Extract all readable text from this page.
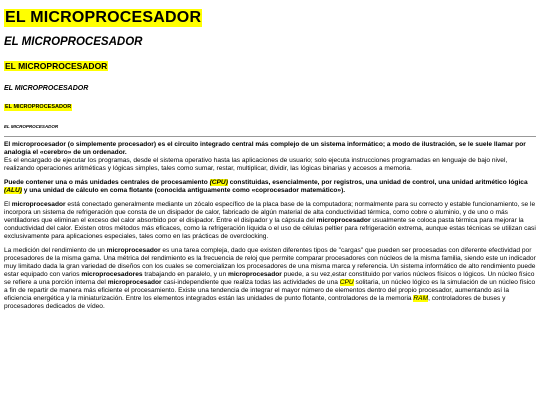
EL MICROPROCESADOR
EL MICROPROCESADOR
EL MICROPROCESADOR
EL MICROPROCESADOR
EL MICROPROCESADOR
EL MICROPROCESADOR

El microprocesador (o simplemente procesador) es el circuito integrado central más complejo de un sistema informático; a modo de ilustración, se le suele llamar por analogía el «cerebro» de un ordenador.
Es el encargado de ejecutar los programas, desde el sistema operativo hasta las aplicaciones de usuario; solo ejecuta instrucciones programadas en lenguaje de bajo nivel, realizando operaciones aritméticas y lógicas simples, tales como sumar, restar, multiplicar, dividir, las lógicas binarias y accesos a memoria.

Puede contener una o más unidades centrales de procesamiento (CPU) constituidas, esencialmente, por registros, una unidad de control, una unidad aritmético lógica (ALU) y una unidad de cálculo en coma flotante (conocida antiguamente como «coprocesador matemático»).

El microprocesador está conectado generalmente mediante un zócalo específico de la placa base de la computadora; normalmente para su correcto y estable funcionamiento, se le incorpora un sistema de refrigeración que consta de un disipador de calor, fabricado de algún material de alta conductividad térmica, como cobre o aluminio, y de uno o más ventiladores que eliminan el exceso del calor absorbido por el disipador. Entre el disipador y la cápsula del microprocesador usualmente se coloca pasta térmica para mejorar la conductividad del calor. Existen otros métodos más eficaces, como la refrigeración líquida o el uso de células peltier para refrigeración extrema, aunque estas técnicas se utilizan casi exclusivamente para aplicaciones especiales, tales como en las prácticas de overclocking.

La medición del rendimiento de un microprocesador es una tarea compleja, dado que existen diferentes tipos de "cargas" que pueden ser procesadas con diferente efectividad por procesadores de la misma gama. Una métrica del rendimiento es la frecuencia de reloj que permite comparar procesadores con núcleos de la misma familia, siendo este un indicador muy limitado dada la gran variedad de diseños con los cuales se comercializan los procesadores de una misma marca y referencia. Un sistema informático de alto rendimiento puede estar equipado con varios microprocesadores trabajando en paralelo, y un microprocesador puede, a su vez,estar constituido por varios núcleos físicos o lógicos. Un núcleo físico se refiere a una porción interna del microprocesador casi-independiente que realiza todas las actividades de una CPU solitaria, un núcleo lógico es la simulación de un núcleo físico a fin de repartir de manera más eficiente el procesamiento. Existe una tendencia de integrar el mayor número de elementos dentro del propio procesador, aumentando así la eficiencia energética y la miniaturización. Entre los elementos integrados están las unidades de punto flotante, controladores de la memoria RAM, controladores de buses y procesadores dedicados de vídeo.
